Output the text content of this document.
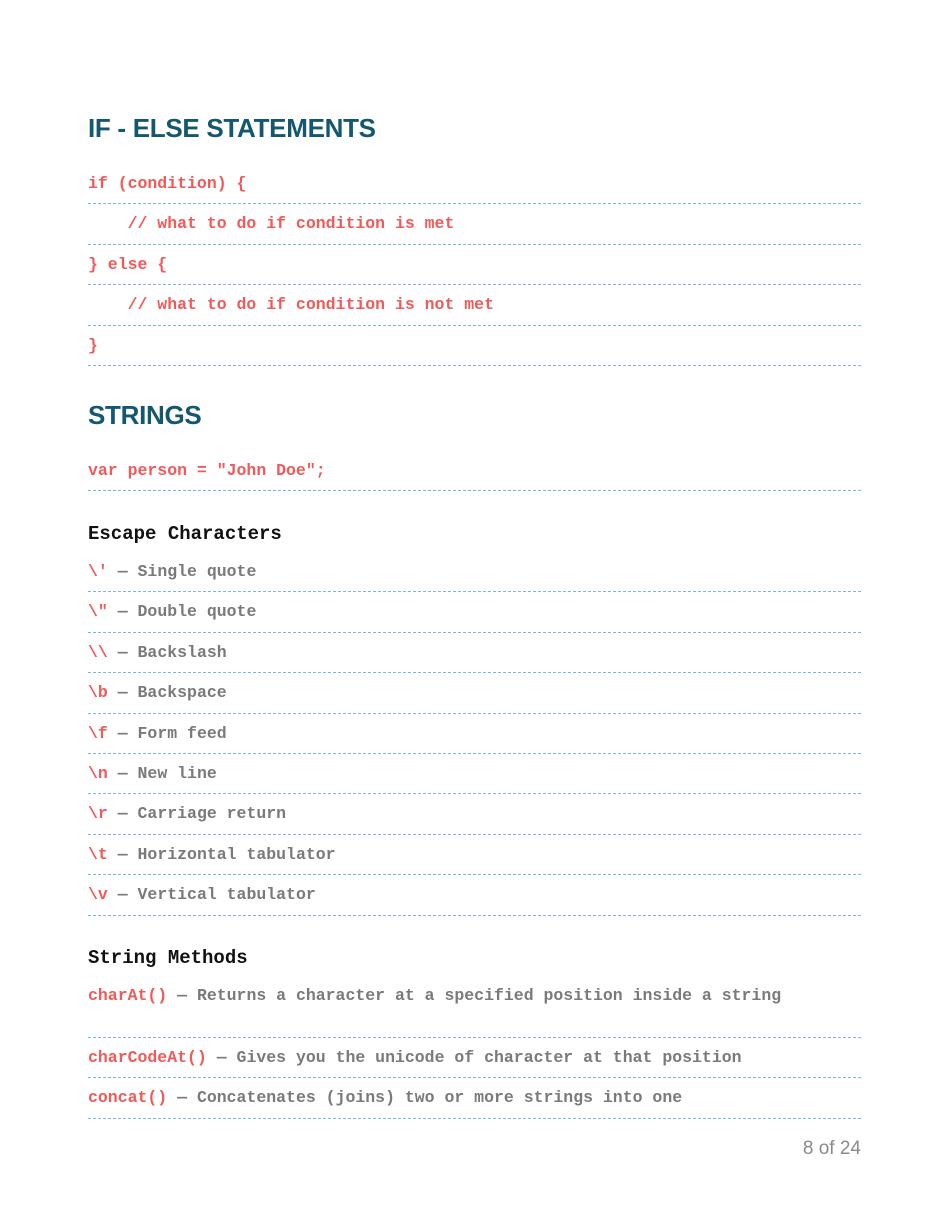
IF - ELSE STATEMENTS
if (condition) {
// what to do if condition is met
} else {
// what to do if condition is not met
}
STRINGS
var person = "John Doe";
Escape Characters
\' — Single quote
\" — Double quote
\\ — Backslash
\b — Backspace
\f — Form feed
\n — New line
\r — Carriage return
\t — Horizontal tabulator
\v — Vertical tabulator
String Methods
charAt() — Returns a character at a specified position inside a string
charCodeAt() — Gives you the unicode of character at that position
concat() — Concatenates (joins) two or more strings into one
8 of 24
